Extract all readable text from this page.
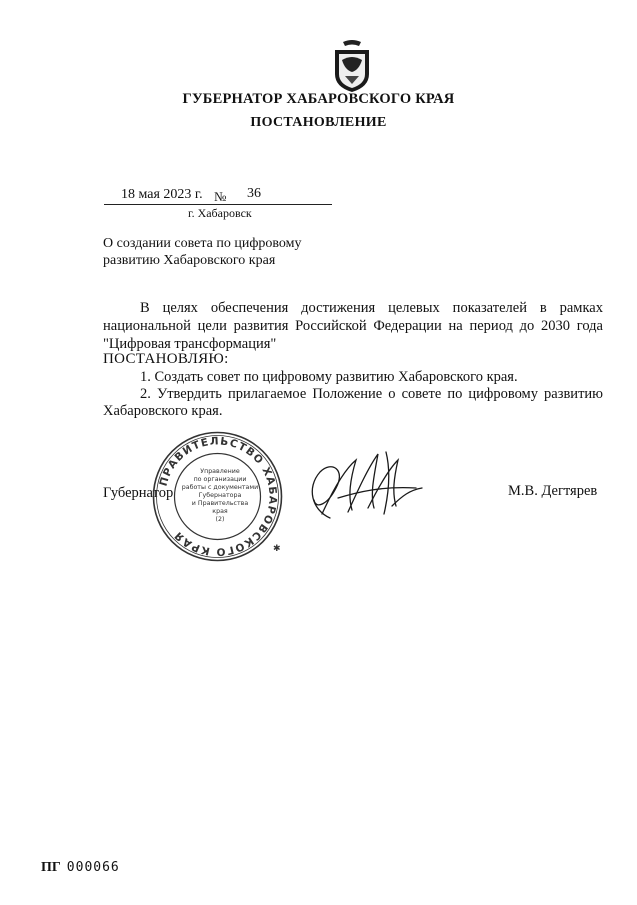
ГУБЕРНАТОР ХАБАРОВСКОГО КРАЯ
ПОСТАНОВЛЕНИЕ
18 мая 2023 г. № 36
г. Хабаровск
О создании совета по цифровому
развитию Хабаровского края
В целях обеспечения достижения целевых показателей в рамках
национальной цели развития Российской Федерации на период до 2030 года
"Цифровая трансформация"
ПОСТАНОВЛЯЮ:
1. Создать совет по цифровому развитию Хабаровского края.
2. Утвердить прилагаемое Положение о совете по цифровому развитию
Хабаровского края.
Губернатор	М.В. Дегтярев
ПРАВИТЕЛЬСТВО ХАБАРОВСКОГО КРАЯ
✱
Управление
по организации
работы с документами
Губернатора
и Правительства
края
(2)
ПГ 000066
